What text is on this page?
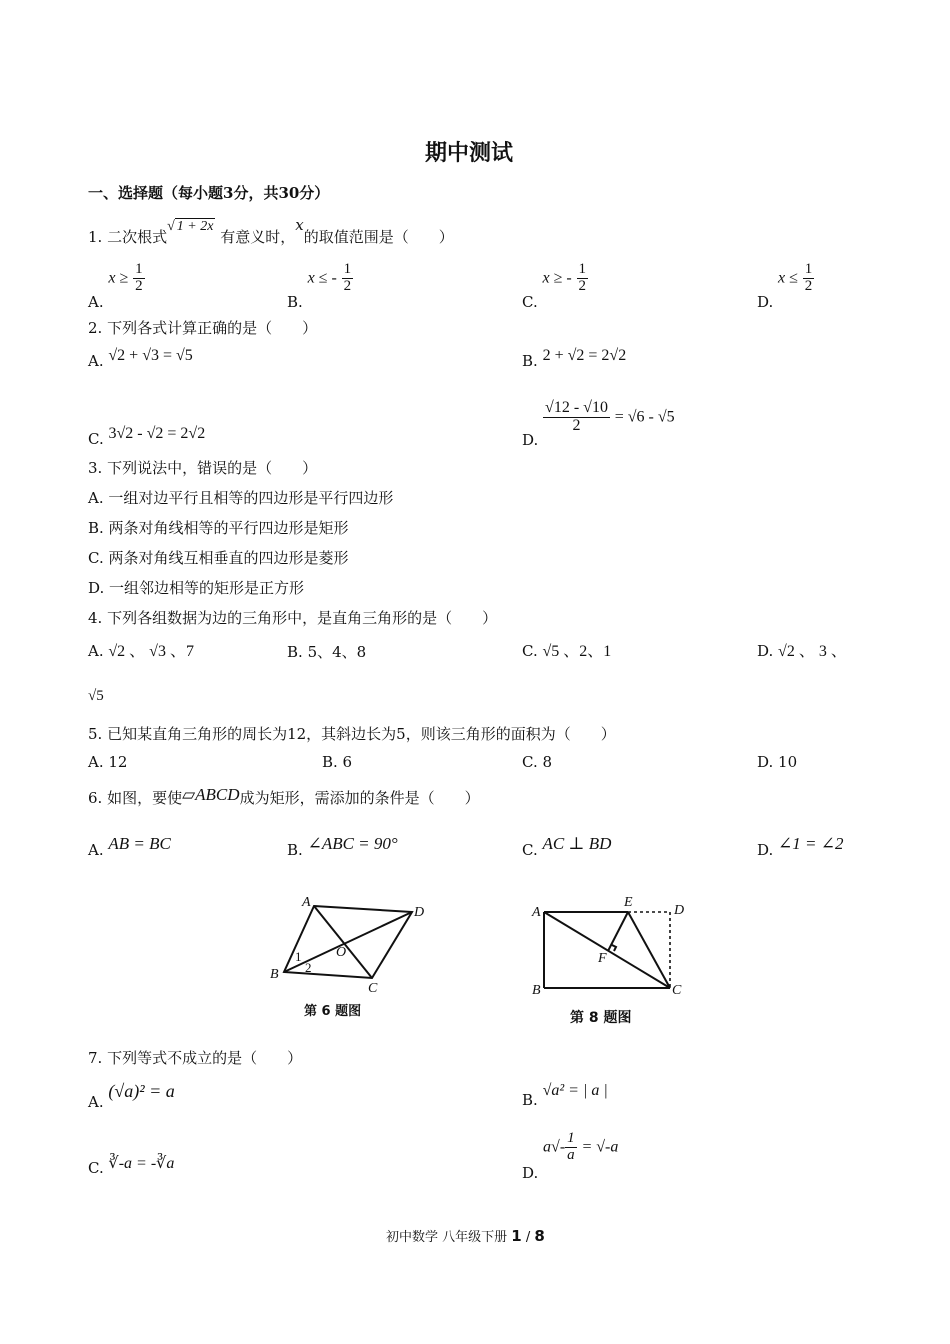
期中测试
一、选择题（每小题3分，共30分）
1. 二次根式√ 1 + 2x 有意义时，x的取值范围是（　　）
A. $x \ge \frac{1}{2}$
B. x ≤ - $\frac{1}{2}$
C. x ≥ - $\frac{1}{2}$
D. $x \le \frac{1}{2}$
2. 下列各式计算正确的是（　　）
A. √2 + √3 = √5	B. 2 + √2 = 2√2
C. 3√2 - √2 = 2√2	D.
$\frac{√12 - √10}{2} = √6 - √5$
3. 下列说法中，错误的是（　　）
A. 一组对边平行且相等的四边形是平行四边形
B. 两条对角线相等的平行四边形是矩形
C. 两条对角线互相垂直的四边形是菱形
D. 一组邻边相等的矩形是正方形
4. 下列各组数据为边的三角形中，是直角三角形的是（　　）
A. √2 、 √3 、7	B. 5、4、8	C. √5 、2、1	D. √2 、 3 、
√5
5. 已知某直角三角形的周长为12，其斜边长为5，则该三角形的面积为（　　）
A. 12	B. 6	C. 8	D. 10
6. 如图，要使▱ABCD成为矩形，需添加的条件是（　　）
A. AB = BC	B. ∠ABC = 90°	C. AC ⊥ BD	D. ∠1 = ∠2
A
D
B
C
O
1
2
第 6 题图
A
E
D
B	C
F
第 8 题图
7. 下列等式不成立的是（　　）
A. (√a)² = a	B. √a² = | a |
C. ∛-a = -∛a
D. $a√- \frac{1}{a} = √-a$
初中数学 八年级下册 1 / 8
